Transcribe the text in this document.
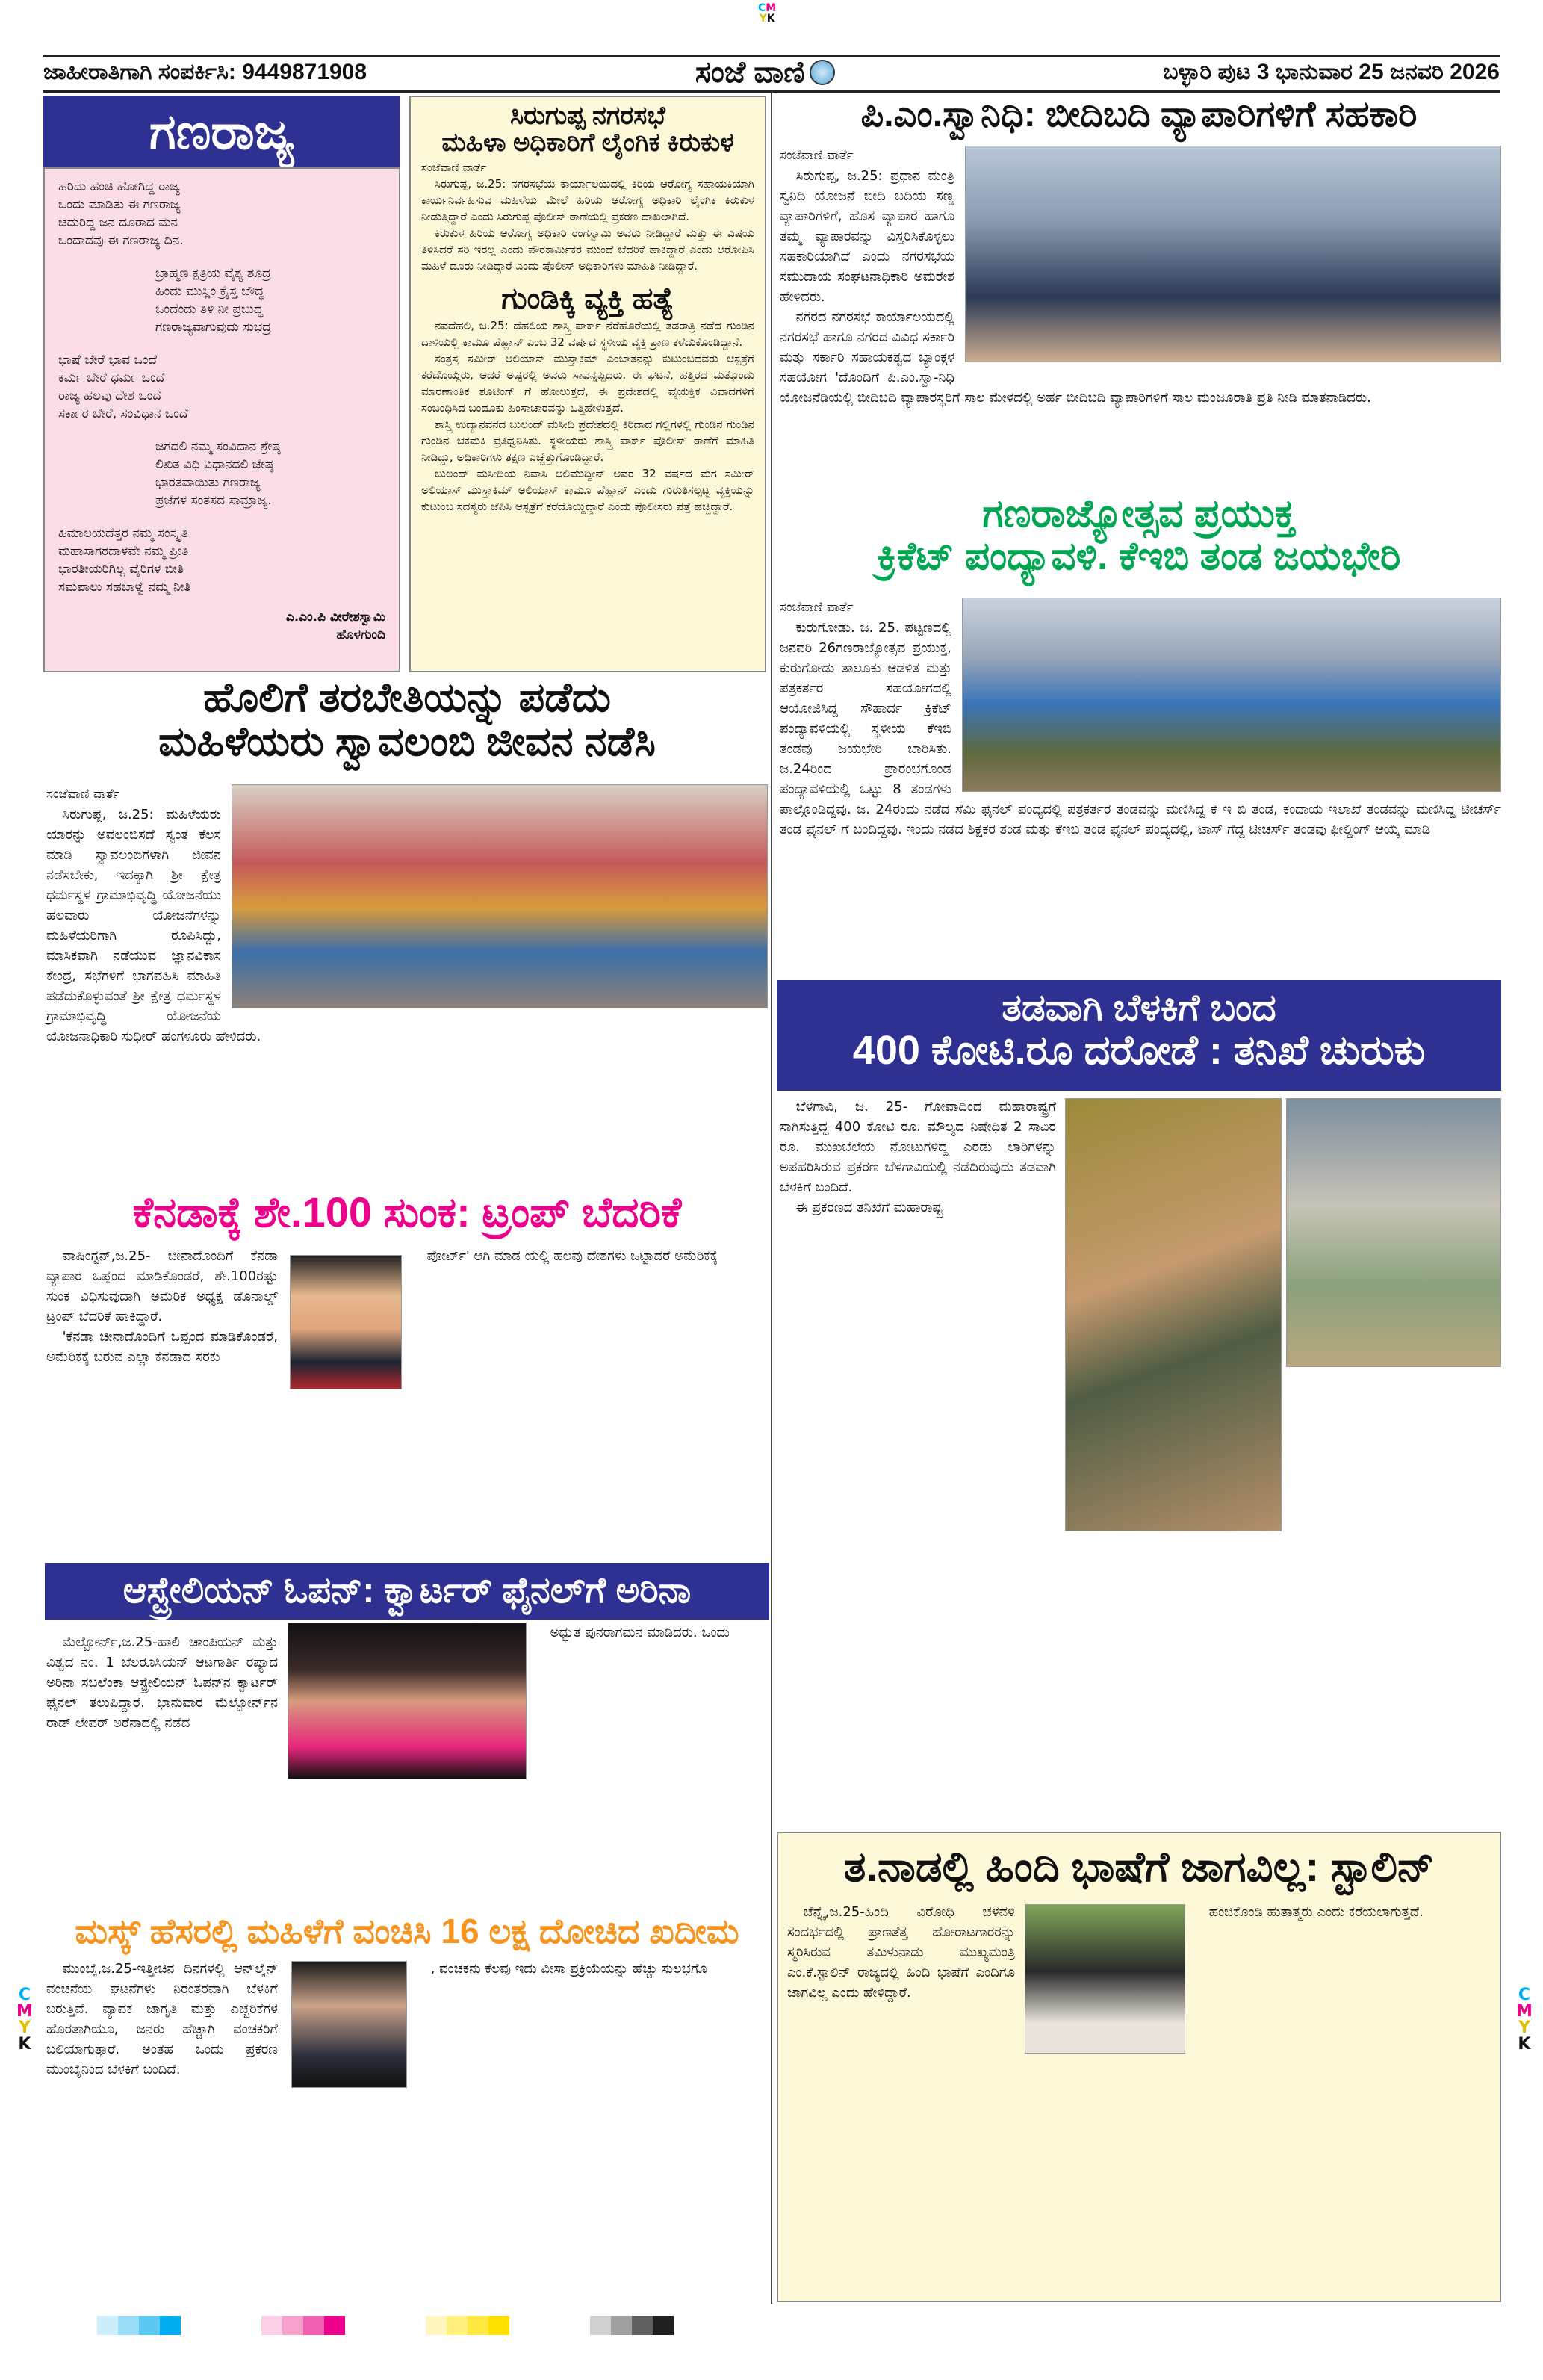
CM
YK
ಜಾಹೀರಾತಿಗಾಗಿ ಸಂಪರ್ಕಿಸಿ: 9449871908	ಸಂಜೆ ವಾಣಿ	ಬಳ್ಳಾರಿ ಪುಟ 3 ಭಾನುವಾರ 25 ಜನವರಿ 2026
ಗಣರಾಜ್ಯ
ಹರಿದು ಹಂಚಿ ಹೋಗಿದ್ದ ರಾಜ್ಯ
ಒಂದು ಮಾಡಿತು ಈ ಗಣರಾಜ್ಯ
ಚದುರಿದ್ದ ಜನ ದೂರಾದ ಮನ
ಒಂದಾದವು ಈ ಗಣರಾಜ್ಯ ದಿನ.
ಬ್ರಾಹ್ಮಣ ಕ್ಷತ್ರಿಯ ವೈಶ್ಯ ಶೂದ್ರ
ಹಿಂದು ಮುಸ್ಲಿಂ ಕ್ರೈಸ್ತ ಬೌದ್ಧ
ಒಂದೆಂದು ತಿಳಿ ನೀ ಪ್ರಬುದ್ಧ
ಗಣರಾಜ್ಯವಾಗುವುದು ಸುಭದ್ರ
ಭಾಷೆ ಬೇರೆ ಭಾವ ಒಂದೆ
ಕರ್ಮ ಬೇರೆ ಧರ್ಮ ಒಂದೆ
ರಾಜ್ಯ ಹಲವು ದೇಶ ಒಂದೆ
ಸರ್ಕಾರ ಬೇರೆ, ಸಂವಿಧಾನ ಒಂದೆ
ಜಗದಲಿ ನಮ್ಮ ಸಂವಿದಾನ ಶ್ರೇಷ್ಠ
ಲಿಖಿತ ವಿಧಿ ವಿಧಾನದಲಿ ಜೇಷ್ಠ
ಭಾರತವಾಯಿತು ಗಣರಾಜ್ಯ
ಪ್ರಜೆಗಳ ಸಂತಸದ ಸಾಮ್ರಾಜ್ಯ.
ಹಿಮಾಲಯದೆತ್ತರ ನಮ್ಮ ಸಂಸ್ಕೃತಿ
ಮಹಾಸಾಗರದಾಳವೇ ನಮ್ಮ ಪ್ರೀತಿ
ಭಾರತೀಯರಿಗಿಲ್ಲ ವೈರಿಗಳ ಬೀತಿ
ಸಮಪಾಲು ಸಹಬಾಳ್ವೆ ನಮ್ಮ ನೀತಿ
ಎ.ಎಂ.ಪಿ ವೀರೇಶಸ್ವಾಮಿ
ಹೊಳಗುಂದಿ
ಸಿರುಗುಪ್ಪ ನಗರಸಭೆ
ಮಹಿಳಾ ಅಧಿಕಾರಿಗೆ ಲೈಂಗಿಕ ಕಿರುಕುಳ
ಸಂಜೆವಾಣಿ ವಾರ್ತೆ

ಸಿರುಗುಪ್ಪ, ಜ.25: ನಗರಸಭೆಯ ಕಾರ್ಯಾಲಯದಲ್ಲಿ ಕಿರಿಯ ಆರೋಗ್ಯ ಸಹಾಯಕಿಯಾಗಿ ಕಾರ್ಯನಿರ್ವಹಿಸುವ ಮಹಿಳೆಯ ಮೇಲೆ ಹಿರಿಯ ಆರೋಗ್ಯ ಅಧಿಕಾರಿ ಲೈಂಗಿಕ ಕಿರುಕುಳ ನೀಡುತ್ತಿದ್ದಾರೆ ಎಂದು ಸಿರುಗುಪ್ಪ ಪೊಲೀಸ್ ಠಾಣೆಯಲ್ಲಿ ಪ್ರಕರಣ ದಾಖಲಾಗಿದೆ.

ಕಿರುಕುಳ ಹಿರಿಯ ಆರೋಗ್ಯ ಅಧಿಕಾರಿ ರಂಗಸ್ವಾಮಿ ಅವರು ನೀಡಿದ್ದಾರೆ ಮತ್ತು ಈ ವಿಷಯ ತಿಳಿಸಿದರೆ ಸರಿ ಇರಲ್ಲ ಎಂದು ಪೌರಕಾರ್ಮಿಕರ ಮುಂದೆ ಬೆದರಿಕೆ ಹಾಕಿದ್ದಾರೆ ಎಂದು ಆರೋಪಿಸಿ ಮಹಿಳೆ ದೂರು ನೀಡಿದ್ದಾರೆ ಎಂದು ಪೊಲೀಸ್ ಅಧಿಕಾರಿಗಳು ಮಾಹಿತಿ ನೀಡಿದ್ದಾರೆ.

ಗುಂಡಿಕ್ಕಿ ವ್ಯಕ್ತಿ ಹತ್ಯೆ

ನವದೆಹಲಿ, ಜ.25: ದೆಹಲಿಯ ಶಾಸ್ತ್ರಿ ಪಾರ್ಕ್ ನೆರೆಹೊರೆಯಲ್ಲಿ ತಡರಾತ್ರಿ ನಡೆದ ಗುಂಡಿನ ದಾಳಿಯಲ್ಲಿ ಕಾಮೂ ಪೆಹ್ಲಾನ್ ಎಂಬ 32 ವರ್ಷದ ಸ್ಥಳೀಯ ವ್ಯಕ್ತಿ ಪ್ರಾಣ ಕಳೆದುಕೊಂಡಿದ್ದಾನೆ.

ಸಂತ್ರಸ್ತ ಸಮೀರ್ ಅಲಿಯಾಸ್ ಮುಸ್ತಾಕಿಮ್ ಎಂಬಾತನನ್ನು ಕುಟುಂಬದವರು ಆಸ್ಪತ್ರೆಗೆ ಕರೆದೊಯ್ದರು, ಆದರೆ ಅಷ್ಟರಲ್ಲಿ ಅವರು ಸಾವನ್ನಪ್ಪಿದರು. ಈ ಘಟನೆ, ಹತ್ತಿರದ ಮತ್ತೊಂದು ಮಾರಣಾಂತಿಕ ಶೂಟಿಂಗ್ ಗೆ ಹೋಲುತ್ತದೆ, ಈ ಪ್ರದೇಶದಲ್ಲಿ ವೈಯಕ್ತಿಕ ವಿವಾದಗಳಿಗೆ ಸಂಬಂಧಿಸಿದ ಬಂದೂಕು ಹಿಂಸಾಚಾರವನ್ನು ಒತ್ತಿಹೇಳುತ್ತದೆ.

ಶಾಸ್ತ್ರಿ ಉದ್ಯಾನವನದ ಬುಲಂದ್ ಮಸೀದಿ ಪ್ರದೇಶದಲ್ಲಿ ಕಿರಿದಾದ ಗಲ್ಲಿಗಳಲ್ಲಿ ಗುಂಡಿನ ಗುಂಡಿನ ಗುಂಡಿನ ಚಕಮಕಿ ಪ್ರತಿಧ್ವನಿಸಿತು. ಸ್ಥಳೀಯರು ಶಾಸ್ತ್ರಿ ಪಾರ್ಕ್ ಪೊಲೀಸ್ ಠಾಣೆಗೆ ಮಾಹಿತಿ ನೀಡಿದ್ದು, ಅಧಿಕಾರಿಗಳು ತಕ್ಷಣ ಎಚ್ಚೆತ್ತುಗೊಂಡಿದ್ದಾರೆ.

ಬುಲಂದ್ ಮಸೀದಿಯ ನಿವಾಸಿ ಅಲಿಮುದ್ದೀನ್ ಅವರ 32 ವರ್ಷದ ಮಗ ಸಮೀರ್ ಅಲಿಯಾಸ್ ಮುಸ್ತಾಕಿಮ್ ಅಲಿಯಾಸ್ ಕಾಮೂ ಪೆಹ್ಲಾನ್ ಎಂದು ಗುರುತಿಸಲ್ಪಟ್ಟ ವ್ಯಕ್ತಿಯನ್ನು ಕುಟುಂಬ ಸದಸ್ಯರು ಜೆಪಿಸಿ ಆಸ್ಪತ್ರೆಗೆ ಕರೆದೊಯ್ದಿದ್ದಾರೆ ಎಂದು ಪೊಲೀಸರು ಪತ್ತೆ ಹಚ್ಚಿದ್ದಾರೆ.

ಪಿ.ಎಂ.ಸ್ವಾನಿಧಿ: ಬೀದಿಬದಿ ವ್ಯಾಪಾರಿಗಳಿಗೆ ಸಹಕಾರಿ
ಸಂಜೆವಾಣಿ ವಾರ್ತೆ

ಸಿರುಗುಪ್ಪ, ಜ.25: ಪ್ರಧಾನ ಮಂತ್ರಿ ಸ್ವನಿಧಿ ಯೋಜನೆ ಬೀದಿ ಬದಿಯ ಸಣ್ಣ ವ್ಯಾಪಾರಿಗಳಿಗೆ, ಹೊಸ ವ್ಯಾಪಾರ ಹಾಗೂ ತಮ್ಮ ವ್ಯಾಪಾರವನ್ನು ವಿಸ್ತರಿಸಿಕೊಳ್ಳಲು ಸಹಕಾರಿಯಾಗಿದೆ ಎಂದು ನಗರಸಭೆಯ ಸಮುದಾಯ ಸಂಘಟನಾಧಿಕಾರಿ ಅಮರೇಶ ಹೇಳಿದರು.

ನಗರದ ನಗರಸಭೆ ಕಾರ್ಯಾಲಯದಲ್ಲಿ ನಗರಸಭೆ ಹಾಗೂ ನಗರದ ವಿವಿಧ ಸರ್ಕಾರಿ ಮತ್ತು ಸರ್ಕಾರಿ ಸಹಾಯಕತ್ವದ ಬ್ಯಾಂಕ್ಗಳ ಸಹಯೋಗ 'ದೊಂದಿಗೆ ಪಿ.ಎಂ.ಸ್ವಾ-ನಿಧಿ ಯೋಜನೆಡಿಯಲ್ಲಿ ಬೀದಿಬದಿ ವ್ಯಾಪಾರಸ್ಥರಿಗೆ ಸಾಲ ಮೇಳದಲ್ಲಿ ಅರ್ಹ ಬೀದಿಬದಿ ವ್ಯಾಪಾರಿಗಳಿಗೆ ಸಾಲ ಮಂಜೂರಾತಿ ಪ್ರತಿ ನೀಡಿ ಮಾತನಾಡಿದರು.

ಗಣರಾಜ್ಯೋತ್ಸವ ಪ್ರಯುಕ್ತ
ಕ್ರಿಕೆಟ್ ಪಂದ್ಯಾವಳಿ. ಕೆಇಬಿ ತಂಡ ಜಯಭೇರಿ
ಸಂಜೆವಾಣಿ ವಾರ್ತೆ

ಕುರುಗೋಡು. ಜ. 25. ಪಟ್ಟಣದಲ್ಲಿ ಜನವರಿ 26ಗಣರಾಜ್ಯೋತ್ಸವ ಪ್ರಯುಕ್ತ, ಕುರುಗೋಡು ತಾಲೂಕು ಆಡಳಿತ ಮತ್ತು ಪತ್ರಕರ್ತರ ಸಹಯೋಗದಲ್ಲಿ ಆಯೋಜಿಸಿದ್ದ ಸೌಹಾರ್ದ ಕ್ರಿಕೆಟ್ ಪಂದ್ಯಾವಳಿಯಲ್ಲಿ ಸ್ಥಳೀಯ ಕೆಇಬಿ ತಂಡವು ಜಯಭೇರಿ ಬಾರಿಸಿತು. ಜ.24ರಿಂದ ಪ್ರಾರಂಭಗೊಂಡ ಪಂದ್ಯಾವಳಿಯಲ್ಲಿ ಒಟ್ಟು 8 ತಂಡಗಳು ಪಾಲ್ಗೊಂಡಿದ್ದವು. ಜ. 24ರಂದು ನಡೆದ ಸೆಮಿ ಫೈನಲ್ ಪಂದ್ಯದಲ್ಲಿ ಪತ್ರಕರ್ತರ ತಂಡವನ್ನು ಮಣಿಸಿದ್ದ ಕೆ ಇ ಬಿ ತಂಡ, ಕಂದಾಯ ಇಲಾಖೆ ತಂಡವನ್ನು ಮಣಿಸಿದ್ದ ಟೀಚರ್ಸ್ ತಂಡ ಫೈನಲ್ ಗೆ ಬಂದಿದ್ದವು. ಇಂದು ನಡೆದ ಶಿಕ್ಷಕರ ತಂಡ ಮತ್ತು ಕೆಇಬಿ ತಂಡ ಫೈನಲ್ ಪಂದ್ಯದಲ್ಲಿ, ಟಾಸ್ ಗೆದ್ದ ಟೀಚರ್ಸ್ ತಂಡವು ಫೀಲ್ಡಿಂಗ್ ಆಯ್ಕೆ ಮಾಡಿ

ತಡವಾಗಿ ಬೆಳಕಿಗೆ ಬಂದ
400 ಕೋಟಿ.ರೂ ದರೋಡೆ : ತನಿಖೆ ಚುರುಕು

ಬೆಳಗಾವಿ, ಜ. 25- ಗೋವಾದಿಂದ ಮಹಾರಾಷ್ಟ್ರಗೆ ಸಾಗಿಸುತ್ತಿದ್ದ 400 ಕೋಟಿ ರೂ. ಮೌಲ್ಯದ ನಿಷೇಧಿತ 2 ಸಾವಿರ ರೂ. ಮುಖಬೆಲೆಯ ನೋಟುಗಳಿದ್ದ ಎರಡು ಲಾರಿಗಳನ್ನು ಅಪಹರಿಸಿರುವ ಪ್ರಕರಣ ಬೆಳಗಾವಿಯಲ್ಲಿ ನಡೆದಿರುವುದು ತಡವಾಗಿ ಬೆಳಕಿಗೆ ಬಂದಿದೆ.

ಈ ಪ್ರಕರಣದ ತನಿಖೆಗೆ ಮಹಾರಾಷ್ಟ್ರ

ತ.ನಾಡಲ್ಲಿ ಹಿಂದಿ ಭಾಷೆಗೆ ಜಾಗವಿಲ್ಲ: ಸ್ಟಾಲಿನ್

ಚೆನ್ನೈ,ಜ.25-ಹಿಂದಿ ವಿರೋಧಿ ಚಳವಳಿ ಸಂದರ್ಭದಲ್ಲಿ ಪ್ರಾಣತೆತ್ತ ಹೋರಾಟಗಾರರನ್ನು ಸ್ಮರಿಸಿರುವ ತಮಿಳುನಾಡು ಮುಖ್ಯಮಂತ್ರಿ ಎಂ.ಕೆ.ಸ್ಟಾಲಿನ್ ರಾಜ್ಯದಲ್ಲಿ ಹಿಂದಿ ಭಾಷೆಗೆ ಎಂದಿಗೂ ಜಾಗವಿಲ್ಲ ಎಂದು ಹೇಳಿದ್ದಾರೆ.

ಹಂಚಿಕೊಂಡಿ ಹುತಾತ್ಮರು ಎಂದು ಕರೆಯಲಾಗುತ್ತದೆ.

ಹೊಲಿಗೆ ತರಬೇತಿಯನ್ನು ಪಡೆದು
ಮಹಿಳೆಯರು ಸ್ವಾವಲಂಬಿ ಜೀವನ ನಡೆಸಿ
ಸಂಜೆವಾಣಿ ವಾರ್ತೆ

ಸಿರುಗುಪ್ಪ, ಜ.25: ಮಹಿಳೆಯರು ಯಾರನ್ನು ಅವಲಂಬಿಸದೆ ಸ್ವಂತ ಕೆಲಸ ಮಾಡಿ ಸ್ವಾವಲಂಬಿಗಳಾಗಿ ಜೀವನ ನಡೆಸಬೇಕು, ಇದಕ್ಕಾಗಿ ಶ್ರೀ ಕ್ಷೇತ್ರ ಧರ್ಮಸ್ಥಳ ಗ್ರಾಮಾಭಿವೃದ್ಧಿ ಯೋಜನೆಯು ಹಲವಾರು ಯೋಜನೆಗಳನ್ನು ಮಹಿಳೆಯರಿಗಾಗಿ ರೂಪಿಸಿದ್ದು, ಮಾಸಿಕವಾಗಿ ನಡೆಯುವ ಜ್ಞಾನವಿಕಾಸ ಕೇಂದ್ರ, ಸಭೆಗಳಿಗೆ ಭಾಗವಹಿಸಿ ಮಾಹಿತಿ ಪಡೆದುಕೊಳ್ಳುವಂತೆ ಶ್ರೀ ಕ್ಷೇತ್ರ ಧರ್ಮಸ್ಥಳ ಗ್ರಾಮಾಭಿವೃದ್ಧಿ ಯೋಜನೆಯ ಯೋಜನಾಧಿಕಾರಿ ಸುಧೀರ್ ಹಂಗಳೂರು ಹೇಳಿದರು.

ಕೆನಡಾಕ್ಕೆ ಶೇ.100 ಸುಂಕ: ಟ್ರಂಪ್ ಬೆದರಿಕೆ

ವಾಷಿಂಗ್ಟನ್,ಜ.25- ಚೀನಾದೊಂದಿಗೆ ಕೆನಡಾ ವ್ಯಾಪಾರ ಒಪ್ಪಂದ ಮಾಡಿಕೊಂಡರೆ, ಶೇ.100ರಷ್ಟು ಸುಂಕ ವಿಧಿಸುವುದಾಗಿ ಅಮೆರಿಕ ಅಧ್ಯಕ್ಷ ಡೊನಾಲ್ಡ್ ಟ್ರಂಪ್ ಬೆದರಿಕೆ ಹಾಕಿದ್ದಾರೆ.

'ಕೆನಡಾ ಚೀನಾದೊಂದಿಗೆ ಒಪ್ಪಂದ ಮಾಡಿಕೊಂಡರೆ, ಅಮೆರಿಕಕ್ಕೆ ಬರುವ ಎಲ್ಲಾ ಕೆನಡಾದ ಸರಕು

ಪೋರ್ಟ್' ಆಗಿ ಮಾಡ ಯಲ್ಲಿ ಹಲವು ದೇಶಗಳು ಒಟ್ಟಾದರೆ ಅಮೆರಿಕಕ್ಕೆ

ಆಸ್ಟ್ರೇಲಿಯನ್ ಓಪನ್: ಕ್ವಾರ್ಟರ್ ಫೈನಲ್‌ಗೆ ಅರಿನಾ

ಮೆಲ್ಬೋರ್ನ್,ಜ.25-ಹಾಲಿ ಚಾಂಪಿಯನ್ ಮತ್ತು ವಿಶ್ವದ ನಂ. 1 ಬೆಲರೂಸಿಯನ್ ಆಟಗಾರ್ತಿ ರಷ್ಯಾದ ಅರಿನಾ ಸಬಲೆಂಕಾ ಆಸ್ಟ್ರೇಲಿಯನ್ ಓಪನ್‌ನ ಕ್ವಾರ್ಟರ್ ಫೈನಲ್ ತಲುಪಿದ್ದಾರೆ. ಭಾನುವಾರ ಮೆಲ್ಬೋರ್ನ್‌ನ ರಾಡ್ ಲೇವರ್ ಅರೆನಾದಲ್ಲಿ ನಡೆದ

ಅದ್ಭುತ ಪುನರಾಗಮನ ಮಾಡಿದರು. ಒಂದು

ಮಸ್ಕ್ ಹೆಸರಲ್ಲಿ ಮಹಿಳೆಗೆ ವಂಚಿಸಿ 16 ಲಕ್ಷ ದೋಚಿದ ಖದೀಮ

ಮುಂಬೈ,ಜ.25-ಇತ್ತೀಚಿನ ದಿನಗಳಲ್ಲಿ ಆನ್‌ಲೈನ್ ವಂಚನೆಯ ಘಟನೆಗಳು ನಿರಂತರವಾಗಿ ಬೆಳಕಿಗೆ ಬರುತ್ತಿವೆ. ವ್ಯಾಪಕ ಜಾಗೃತಿ ಮತ್ತು ಎಚ್ಚರಿಕೆಗಳ ಹೊರತಾಗಿಯೂ, ಜನರು ಹೆಚ್ಚಾಗಿ ವಂಚಕರಿಗೆ ಬಲಿಯಾಗುತ್ತಾರೆ. ಅಂತಹ ಒಂದು ಪ್ರಕರಣ ಮುಂಬೈನಿಂದ ಬೆಳಕಿಗೆ ಬಂದಿದೆ.

, ವಂಚಕನು ಕೆಲವು ಇದು ವೀಸಾ ಪ್ರಕ್ರಿಯೆಯನ್ನು ಹೆಚ್ಚು ಸುಲಭಗೊ

C
M
Y
K
C
M
Y
K
